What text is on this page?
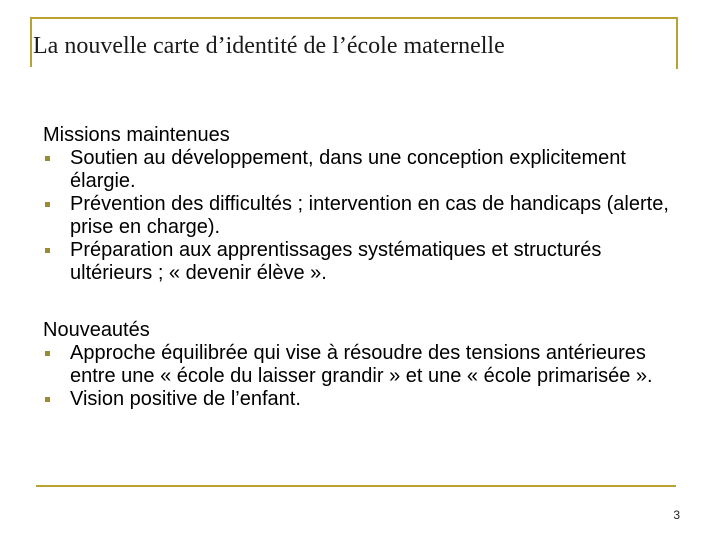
La nouvelle carte d’identité de l’école maternelle
Missions maintenues
Soutien au développement, dans une conception explicitement élargie.
Prévention des difficultés ; intervention en cas de handicaps (alerte, prise en charge).
Préparation aux apprentissages systématiques et structurés ultérieurs ; « devenir élève ».
Nouveautés
Approche équilibrée qui vise à résoudre des tensions antérieures entre une « école du laisser grandir » et une « école primarisée ».
Vision positive de l’enfant.
3
